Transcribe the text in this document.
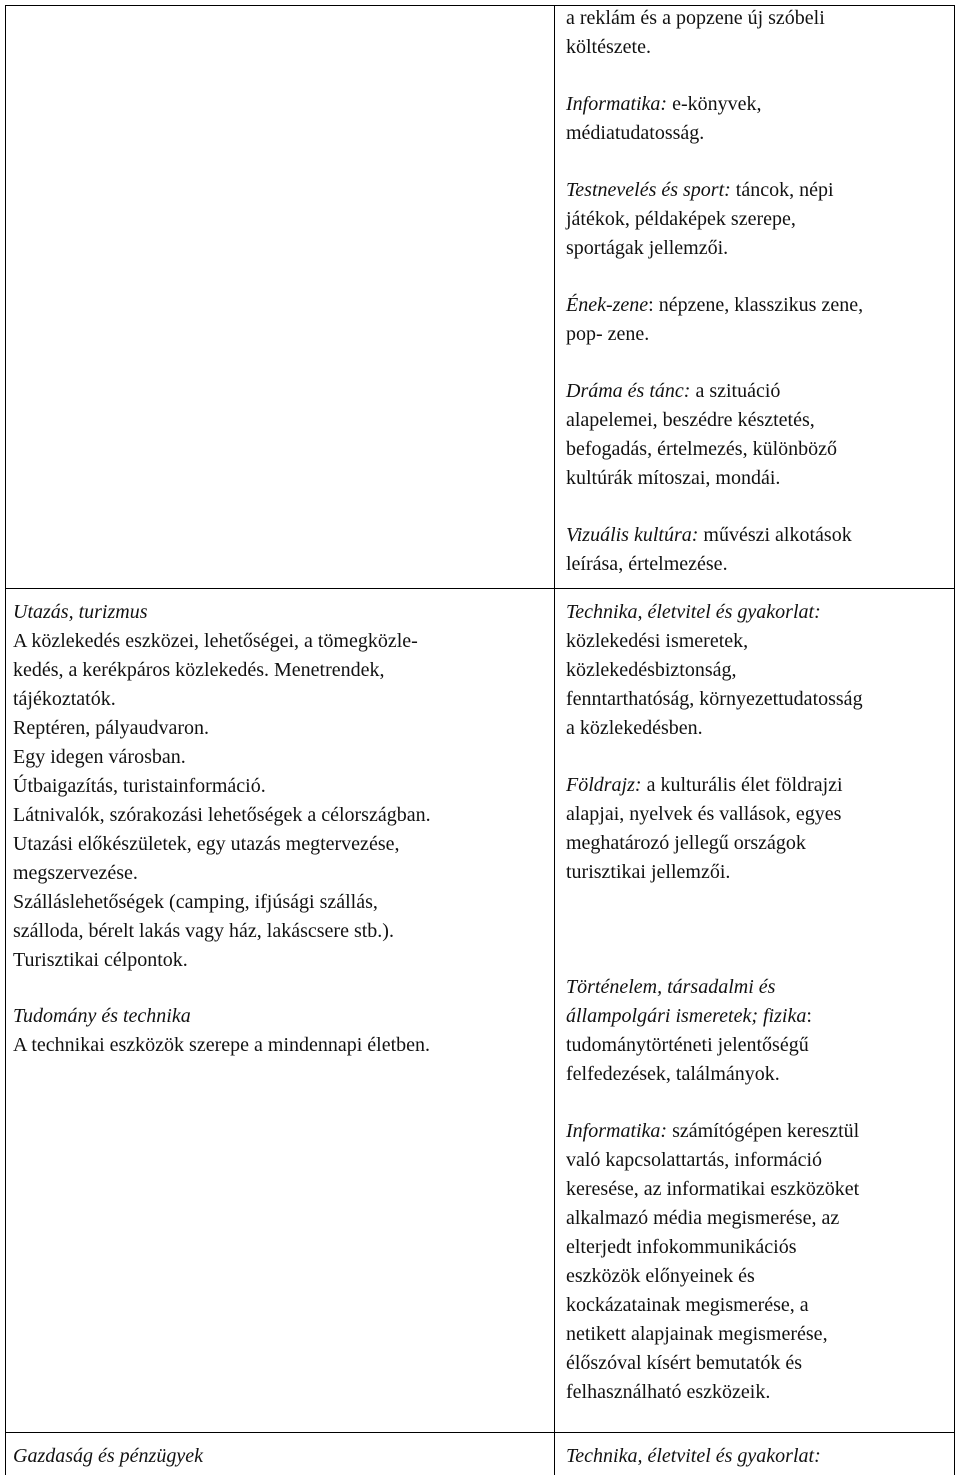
a reklám és a popzene új szóbeli
költészete.
Informatika: e-könyvek,
médiatudatosság.
Testnevelés és sport: táncok, népi
játékok, példaképek szerepe,
sportágak jellemzői.
Ének-zene: népzene, klasszikus zene,
pop- zene.
Dráma és tánc: a szituáció
alapelemei, beszédre késztetés,
befogadás, értelmezés, különböző
kultúrák mítoszai, mondái.
Vizuális kultúra: művészi alkotások
leírása, értelmezése.
Utazás, turizmus
A közlekedés eszközei, lehetőségei, a tömegközle-
kedés, a kerékpáros közlekedés. Menetrendek,
tájékoztatók.
Reptéren, pályaudvaron.
Egy idegen városban.
Útbaigazítás, turistainformáció.
Látnivalók, szórakozási lehetőségek a célországban.
Utazási előkészületek, egy utazás megtervezése,
megszervezése.
Szálláslehetőségek (camping, ifjúsági szállás,
szálloda, bérelt lakás vagy ház, lakáscsere stb.).
Turisztikai célpontok.
Tudomány és technika
A technikai eszközök szerepe a mindennapi életben.
Technika, életvitel és gyakorlat:
közlekedési ismeretek,
közlekedésbiztonság,
fenntarthatóság, környezettudatosság
a közlekedésben.
Földrajz: a kulturális élet földrajzi
alapjai, nyelvek és vallások, egyes
meghatározó jellegű országok
turisztikai jellemzői.
Történelem, társadalmi és
állampolgári ismeretek; fizika:
tudománytörténeti jelentőségű
felfedezések, találmányok.
Informatika: számítógépen keresztül
való kapcsolattartás, információ
keresése, az informatikai eszközöket
alkalmazó média megismerése, az
elterjedt infokommunikációs
eszközök előnyeinek és
kockázatainak megismerése, a
netikett alapjainak megismerése,
élőszóval kísért bemutatók és
felhasználható eszközeik.
Gazdaság és pénzügyek	Technika, életvitel és gyakorlat:
